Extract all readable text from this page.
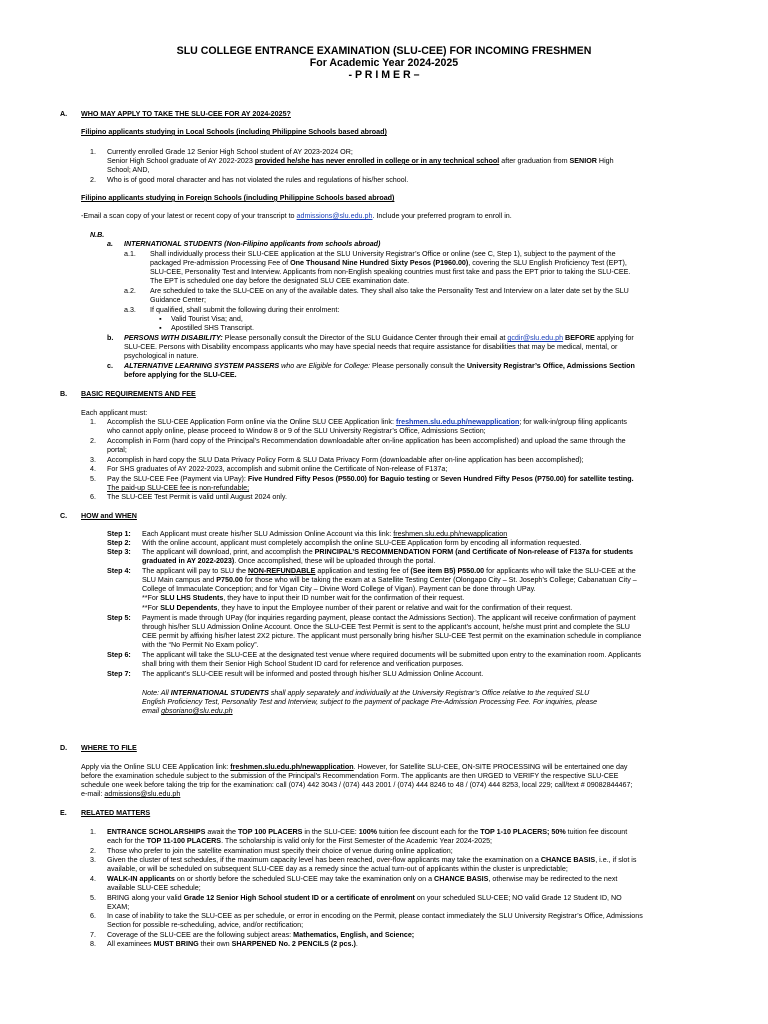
SLU COLLEGE ENTRANCE EXAMINATION (SLU-CEE) FOR INCOMING FRESHMEN
For Academic Year 2024-2025
- P R I M E R –
A. WHO MAY APPLY TO TAKE THE SLU-CEE FOR AY 2024-2025?
Filipino applicants studying in Local Schools (including Philippine Schools based abroad)
1. Currently enrolled Grade 12 Senior High School student of AY 2023-2024 OR;
Senior High School graduate of AY 2022-2023 provided he/she has never enrolled in college or in any technical school after graduation from SENIOR High
School; AND,
2. Who is of good moral character and has not violated the rules and regulations of his/her school.
Filipino applicants studying in Foreign Schools (including Philippine Schools based abroad)
-Email a scan copy of your latest or recent copy of your transcript to admissions@slu.edu.ph. Include your preferred program to enroll in.
N.B.
a. INTERNATIONAL STUDENTS (Non-Filipino applicants from schools abroad)
a.1. Shall individually process their SLU-CEE application at the SLU University Registrar’s Office or online (see C, Step 1), subject to the payment of the
packaged Pre-admission Processing Fee of One Thousand Nine Hundred Sixty Pesos (P1960.00), covering the SLU English Proficiency Test (EPT),
SLU-CEE, Personality Test and Interview. Applicants from non-English speaking countries must first take and pass the EPT prior to taking the SLU-CEE.
The EPT is scheduled one day before the designated SLU CEE examination date.
a.2. Are scheduled to take the SLU-CEE on any of the available dates. They shall also take the Personality Test and Interview on a later date set by the SLU
Guidance Center;
a.3. If qualified, shall submit the following during their enrolment:
▪ Valid Tourist Visa; and,
▪ Apostilled SHS Transcript.
b. PERSONS WITH DISABILITY: Please personally consult the Director of the SLU Guidance Center through their email at gcdir@slu.edu.ph BEFORE applying for
SLU-CEE. Persons with Disability encompass applicants who may have special needs that require assistance for disabilities that may be medical, mental, or
psychological in nature.
c. ALTERNATIVE LEARNING SYSTEM PASSERS who are Eligible for College: Please personally consult the University Registrar’s Office, Admissions Section
before applying for the SLU-CEE.
B. BASIC REQUIREMENTS AND FEE
Each applicant must:
1. Accomplish the SLU-CEE Application Form online via the Online SLU CEE Application link: freshmen.slu.edu.ph/newapplication; for walk-in/group filing applicants
who cannot apply online, please proceed to Window 8 or 9 of the SLU University Registrar’s Office, Admissions Section;
2. Accomplish in Form (hard copy of the Principal’s Recommendation downloadable after on-line application has been accomplished) and upload the same through the
portal;
3. Accomplish in hard copy the SLU Data Privacy Policy Form & SLU Data Privacy Form (downloadable after on-line application has been accomplished);
4. For SHS graduates of AY 2022-2023, accomplish and submit online the Certificate of Non-release of F137a;
5. Pay the SLU-CEE Fee (Payment via UPay): Five Hundred Fifty Pesos (P550.00) for Baguio testing or Seven Hundred Fifty Pesos (P750.00) for satellite testing.
The paid-up SLU-CEE fee is non-refundable;
6. The SLU-CEE Test Permit is valid until August 2024 only.
C. HOW and WHEN
Step 1: Each Applicant must create his/her SLU Admission Online Account via this link: freshmen.slu.edu.ph/newapplication
Step 2: With the online account, applicant must completely accomplish the online SLU-CEE Application form by encoding all information requested.
Step 3: The applicant will download, print, and accomplish the PRINCIPAL’S RECOMMENDATION FORM (and Certificate of Non-release of F137a for students
graduated in AY 2022-2023). Once accomplished, these will be uploaded through the portal.
Step 4: The applicant will pay to SLU the NON-REFUNDABLE application and testing fee of (See item B5) P550.00 for applicants who will take the SLU-CEE at the
SLU Main campus and P750.00 for those who will be taking the exam at a Satellite Testing Center (Olongapo City – St. Joseph’s College; Cabanatuan City –
College of Immaculate Conception; and for Vigan City – Divine Word College of Vigan). Payment can be done through UPay.
**For SLU LHS Students, they have to input their ID number wait for the confirmation of their request.
**For SLU Dependents, they have to input the Employee number of their parent or relative and wait for the confirmation of their request.
Step 5: Payment is made through UPay (for inquiries regarding payment, please contact the Admissions Section). The applicant will receive confirmation of payment
through his/her SLU Admission Online Account. Once the SLU-CEE Test Permit is sent to the applicant’s account, he/she must print and complete the SLU
CEE permit by affixing his/her latest 2X2 picture. The applicant must personally bring his/her SLU-CEE Test permit on the examination schedule in compliance
with the “No Permit No Exam policy”.
Step 6: The applicant will take the SLU-CEE at the designated test venue where required documents will be submitted upon entry to the examination room. Applicants
shall bring with them their Senior High School Student ID card for reference and verification purposes.
Step 7: The applicant’s SLU-CEE result will be informed and posted through his/her SLU Admission Online Account.
Note: All INTERNATIONAL STUDENTS shall apply separately and individually at the University Registrar’s Office relative to the required SLU
English Proficiency Test, Personality Test and Interview, subject to the payment of package Pre-Admission Processing Fee. For inquiries, please
email gbsoriano@slu.edu.ph
D. WHERE TO FILE
Apply via the Online SLU CEE Application link: freshmen.slu.edu.ph/newapplication. However, for Satellite SLU-CEE, ON-SITE PROCESSING will be entertained one day
before the examination schedule subject to the submission of the Principal’s Recommendation Form. The applicants are then URGED to VERIFY the respective SLU-CEE
schedule one week before taking the trip for the examination: call (074) 442 3043 / (074) 443 2001 / (074) 444 8246 to 48 / (074) 444 8253, local 229; call/text # 09082844467;
e-mail: admissions@slu.edu.ph
E. RELATED MATTERS
1. ENTRANCE SCHOLARSHIPS await the TOP 100 PLACERS in the SLU-CEE: 100% tuition fee discount each for the TOP 1-10 PLACERS; 50% tuition fee discount
each for the TOP 11-100 PLACERS. The scholarship is valid only for the First Semester of the Academic Year 2024-2025;
2. Those who prefer to join the satellite examination must specify their choice of venue during online application;
3. Given the cluster of test schedules, if the maximum capacity level has been reached, over-flow applicants may take the examination on a CHANCE BASIS, i.e., if slot is
available, or will be scheduled on subsequent SLU-CEE day as a remedy since the actual turn-out of applicants within the cluster is unpredictable;
4. WALK-IN applicants on or shortly before the scheduled SLU-CEE may take the examination only on a CHANCE BASIS, otherwise may be redirected to the next
available SLU-CEE schedule;
5. BRING along your valid Grade 12 Senior High School student ID or a certificate of enrolment on your scheduled SLU-CEE; NO valid Grade 12 Student ID, NO
EXAM;
6. In case of inability to take the SLU-CEE as per schedule, or error in encoding on the Permit, please contact immediately the SLU University Registrar’s Office, Admissions
Section for possible re-scheduling, advice, and/or rectification;
7. Coverage of the SLU-CEE are the following subject areas: Mathematics, English, and Science;
8. All examinees MUST BRING their own SHARPENED No. 2 PENCILS (2 pcs.).
